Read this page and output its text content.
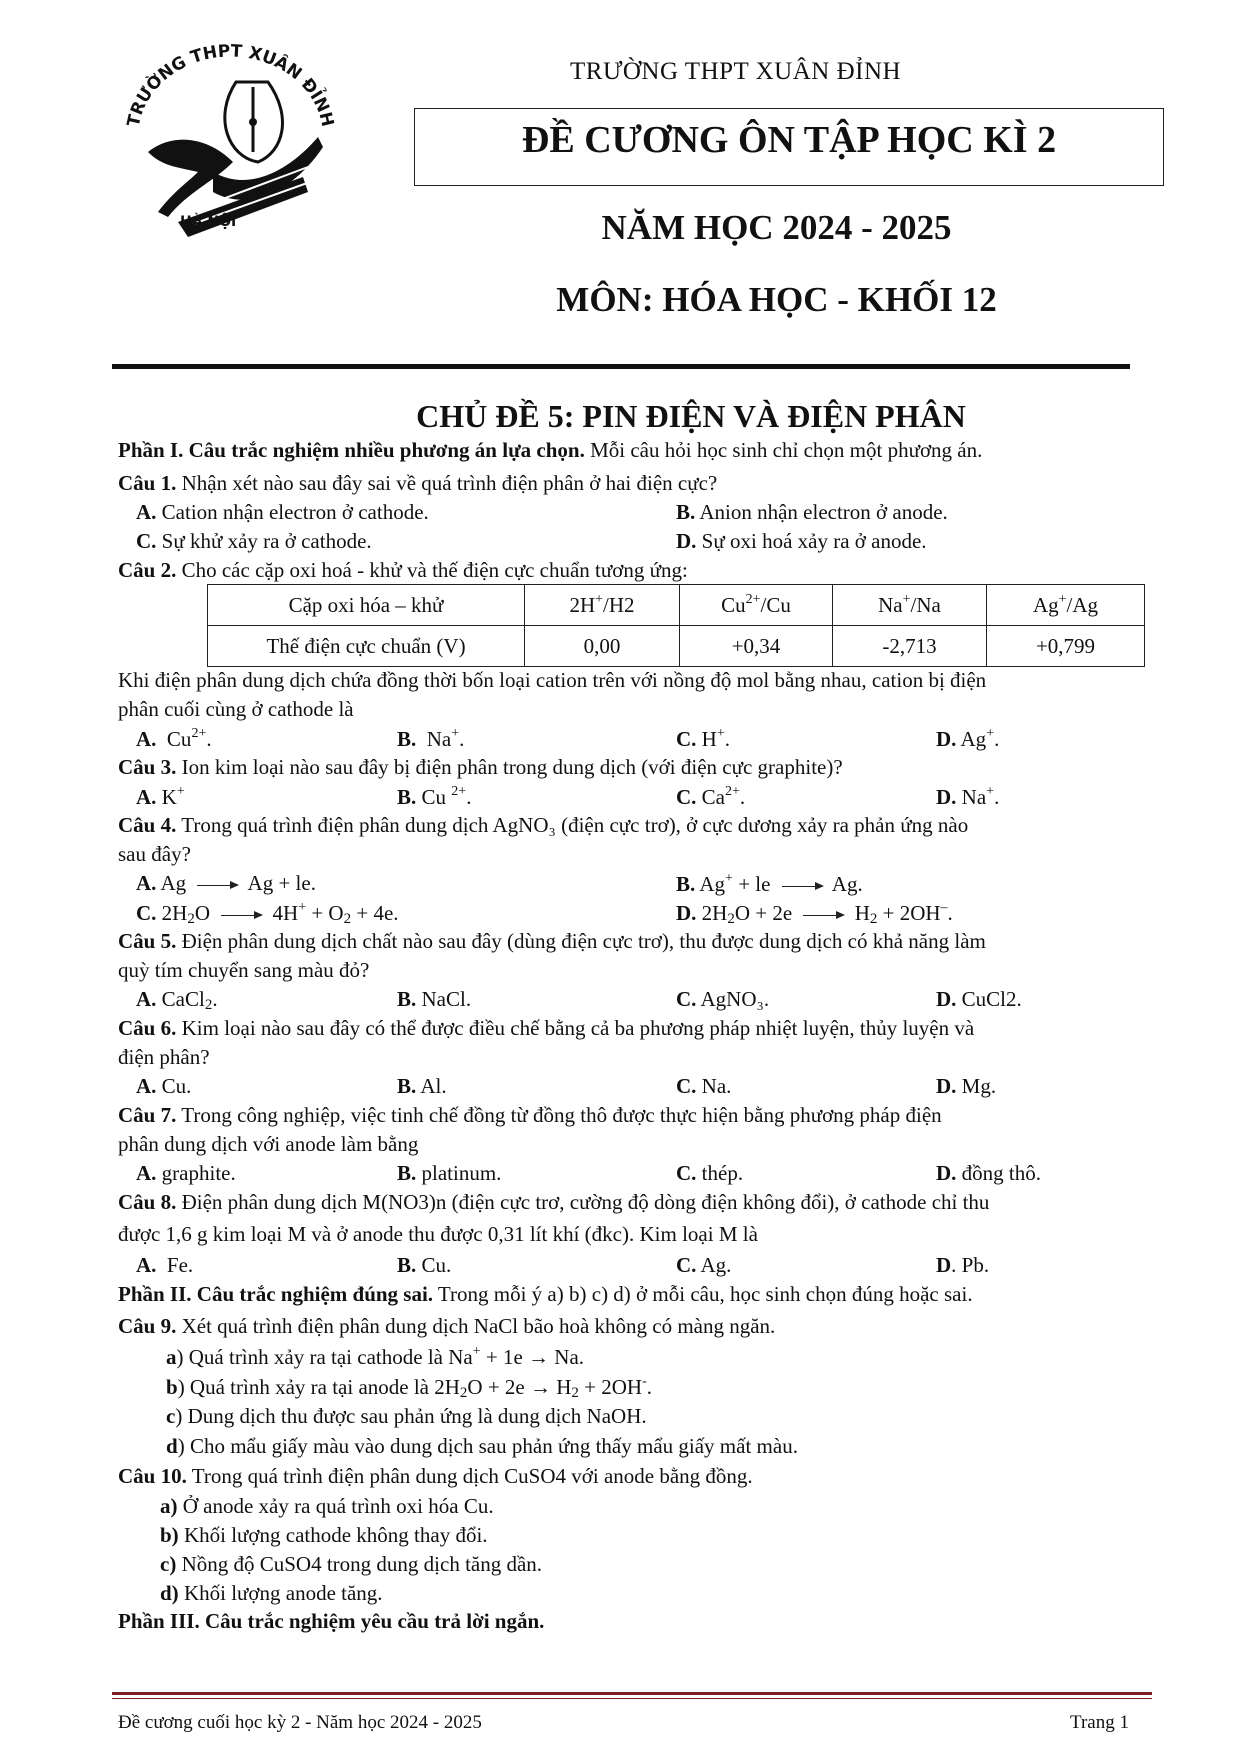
TRƯỜNG THPT XUÂN ĐỈNH
HÀ NỘI
TRƯỜNG THPT XUÂN ĐỈNH
ĐỀ CƯƠNG ÔN TẬP HỌC KÌ 2
NĂM HỌC 2024 - 2025
MÔN: HÓA HỌC - KHỐI 12
CHỦ ĐỀ 5: PIN ĐIỆN VÀ ĐIỆN PHÂN
Phần I. Câu trắc nghiệm nhiều phương án lựa chọn. Mỗi câu hỏi học sinh chỉ chọn một phương án.
Câu 1. Nhận xét nào sau đây sai về quá trình điện phân ở hai điện cực?
A. Cation nhận electron ở cathode.	B. Anion nhận electron ở anode.
C. Sự khử xảy ra ở cathode.	D. Sự oxi hoá xảy ra ở anode.
Câu 2. Cho các cặp oxi hoá - khử và thế điện cực chuẩn tương ứng:
Cặp oxi hóa – khử	2H+/H2	$Cu^{2+}/Cu$	Na+/Na	Ag+/Ag
Thế điện cực chuẩn (V)	0,00	+0,34	-2,713	+0,799
Khi điện phân dung dịch chứa đồng thời bốn loại cation trên với nồng độ mol bằng nhau, cation bị điện
phân cuối cùng ở cathode là
A.  $Cu^{2+}$.	B.  Na+.	C. H+.	D. Ag+.
Câu 3. Ion kim loại nào sau đây bị điện phân trong dung dịch (với điện cực graphite)?
A. K+	B. Cu $^{2+}$.	C. $Ca^{2+}$.	D. Na+.
Câu 4. Trong quá trình điện phân dung dịch AgNO₃ (điện cực trơ), ở cực dương xảy ra phản ứng nào
sau đây?
A. Ag  Ag + le.	B. Ag+ + le  Ag.
C. $2H_2O$  $4H^+ + O_2 + 4e$.	D. $2H_2O + 2e$  $H_2 + 2OH^-$.
Câu 5. Điện phân dung dịch chất nào sau đây (dùng điện cực trơ), thu được dung dịch có khả năng làm
quỳ tím chuyển sang màu đỏ?
A. CaCl$_2$.	B. NaCl.	C. AgNO₃.	D. CuCl2.
Câu 6. Kim loại nào sau đây có thể được điều chế bằng cả ba phương pháp nhiệt luyện, thủy luyện và
điện phân?
A. Cu.	B. Al.	C. Na.	D. Mg.
Câu 7. Trong công nghiệp, việc tinh chế đồng từ đồng thô được thực hiện bằng phương pháp điện
phân dung dịch với anode làm bằng
A. graphite.	B. platinum.	C. thép.	D. đồng thô.
Câu 8. Điện phân dung dịch M(NO3)n (điện cực trơ, cường độ dòng điện không đổi), ở cathode chỉ thu
được 1,6 g kim loại M và ở anode thu được 0,31 lít khí (đkc). Kim loại M là
A. Fe.	B. Cu.	C. Ag.	D. Pb.
Phần II. Câu trắc nghiệm đúng sai. Trong mỗi ý a) b) c) d) ở mỗi câu, học sinh chọn đúng hoặc sai.
Câu 9. Xét quá trình điện phân dung dịch NaCl bão hoà không có màng ngăn.
a) Quá trình xảy ra tại cathode là Na+ + 1e → Na.
b) Quá trình xảy ra tại anode là $2H_2O + 2e \to H_2 + 2OH^-$.
c) Dung dịch thu được sau phản ứng là dung dịch NaOH.
d) Cho mẩu giấy màu vào dung dịch sau phản ứng thấy mẩu giấy mất màu.
Câu 10. Trong quá trình điện phân dung dịch CuSO4 với anode bằng đồng.
a) Ở anode xảy ra quá trình oxi hóa Cu.
b) Khối lượng cathode không thay đổi.
c) Nồng độ CuSO4 trong dung dịch tăng dần.
d) Khối lượng anode tăng.
Phần III. Câu trắc nghiệm yêu cầu trả lời ngắn.
Đề cương cuối học kỳ 2 - Năm học 2024 - 2025	Trang 1
